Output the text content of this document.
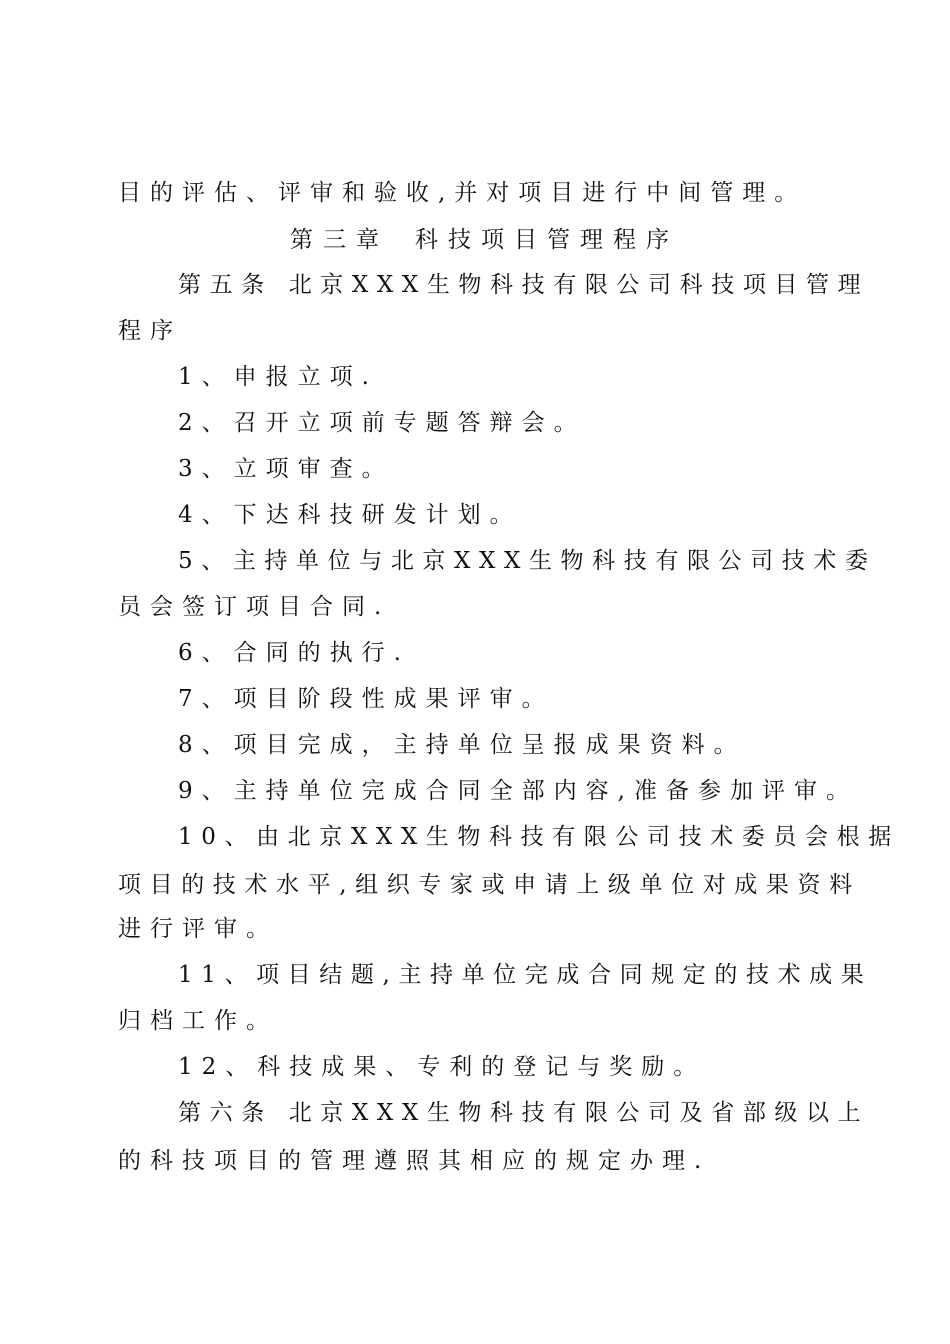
目的评估、评审和验收,并对项目进行中间管理。
第三章 科技项目管理程序
第五条 北京XXX生物科技有限公司科技项目管理
程序
1、申报立项.
2、召开立项前专题答辩会。
3、立项审查。
4、下达科技研发计划。
5、主持单位与北京XXX生物科技有限公司技术委
员会签订项目合同.
6、合同的执行.
7、项目阶段性成果评审。
8、项目完成，主持单位呈报成果资料。
9、主持单位完成合同全部内容,准备参加评审。
10、由北京XXX生物科技有限公司技术委员会根据
项目的技术水平,组织专家或申请上级单位对成果资料
进行评审。
11、项目结题,主持单位完成合同规定的技术成果
归档工作。
12、科技成果、专利的登记与奖励。
第六条 北京XXX生物科技有限公司及省部级以上
的科技项目的管理遵照其相应的规定办理.
